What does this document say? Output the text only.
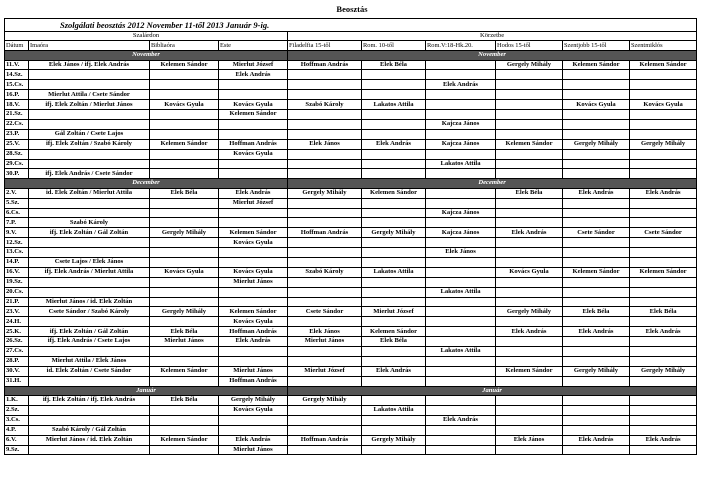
Beosztás
Szolgálati beosztás 2012 November 11-től 2013 Január 9-ig.									
Szalárdon				Körzetbe					
Dátum	Imaóra	Bibliaóra	Este	Filadelfia 15-től	Rom. 10-től	Rom.V:18-Hk.20.	Hodos 15-től	Szentjobb 15-től	Szentmiklós
November				November					
11.V.	Elek János / ifj. Elek András	Kelemen Sándor	Mierlut József	Hoffman András	Elek Béla		Gergely Mihály	Kelemen Sándor	Kelemen Sándor
14.Sz.			Elek András						
15.Cs.						Elek András			
16.P.	Mierlut Attila / Csete Sándor								
18.V.	ifj. Elek Zoltán / Mierlut János	Kovács Gyula	Kovács Gyula	Szabó Károly	Lakatos Attila			Kovács Gyula	Kovács Gyula
21.Sz.			Kelemen Sándor						
22.Cs.						Kajcza János			
23.P.	Gál Zoltán / Csete Lajos								
25.V.	ifj. Elek Zoltán / Szabó Károly	Kelemen Sándor	Hoffman András	Elek János	Elek András	Kajcza János	Kelemen Sándor	Gergely Mihály	Gergely Mihály
28.Sz.			Kovács Gyula						
29.Cs.						Lakatos Attila			
30.P.	ifj. Elek András / Csete Sándor								
December				December					
2.V.	id. Elek Zoltán / Mierlut Attila	Elek Béla	Elek András	Gergely Mihály	Kelemen Sándor		Elek Béla	Elek András	Elek András
5.Sz.			Mierlut József						
6.Cs.						Kajcza János			
7.P.	Szabó Károly								
9.V.	ifj. Elek Zoltán / Gál Zoltán	Gergely Mihály	Kelemen Sándor	Hoffman András	Gergely Mihály	Kajcza János	Elek András	Csete Sándor	Csete Sándor
12.Sz.			Kovács Gyula						
13.Cs.						Elek János			
14.P.	Csete Lajos / Elek János								
16.V.	ifj. Elek András / Mierlut Attila	Kovács Gyula	Kovács Gyula	Szabó Károly	Lakatos Attila		Kovács Gyula	Kelemen Sándor	Kelemen Sándor
19.Sz.			Mierlut János						
20.Cs.						Lakatos Attila			
21.P.	Mierlut János / id. Elek Zoltán								
23.V.	Csete Sándor / Szabó Károly	Gergely Mihály	Kelemen Sándor	Csete Sándor	Mierlut József		Gergely Mihály	Elek Béla	Elek Béla
24.H.			Kovács Gyula						
25.K.	ifj. Elek Zoltán / Gál Zoltán	Elek Béla	Hoffman András	Elek János	Kelemen Sándor		Elek András	Elek András	Elek András
26.Sz.	ifj. Elek András / Csete Lajos	Mierlut János	Elek András	Mierlut János	Elek Béla				
27.Cs.						Lakatos Attila			
28.P.	Mierlut Attila / Elek János								
30.V.	id. Elek Zoltán / Csete Sándor	Kelemen Sándor	Mierlut János	Mierlut József	Elek András		Kelemen Sándor	Gergely Mihály	Gergely Mihály
31.H.			Hoffman András						
Január				Január					
1.K.	ifj. Elek Zoltán / ifj. Elek András	Elek Béla	Gergely Mihály	Gergely Mihály					
2.Sz.			Kovács Gyula		Lakatos Attila				
3.Cs.						Elek András			
4.P.	Szabó Károly / Gál Zoltán								
6.V.	Mierlut János / id. Elek Zoltán	Kelemen Sándor	Elek András	Hoffman András	Gergely Mihály		Elek János	Elek András	Elek András
9.Sz.			Mierlut János						
